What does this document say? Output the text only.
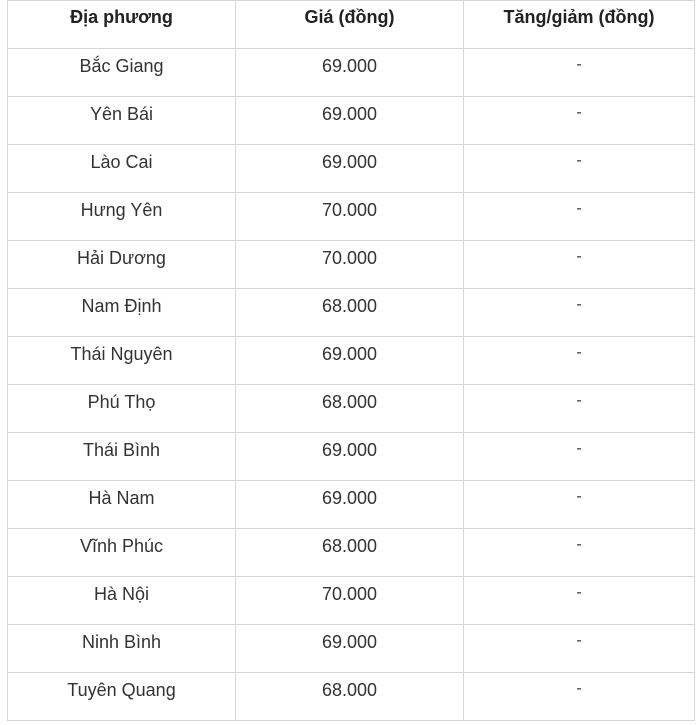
Địa phương	Giá (đồng)	Tăng/giảm (đồng)
Bắc Giang	69.000	-
Yên Bái	69.000	-
Lào Cai	69.000	-
Hưng Yên	70.000	-
Hải Dương	70.000	-
Nam Định	68.000	-
Thái Nguyên	69.000	-
Phú Thọ	68.000	-
Thái Bình	69.000	-
Hà Nam	69.000	-
Vĩnh Phúc	68.000	-
Hà Nội	70.000	-
Ninh Bình	69.000	-
Tuyên Quang	68.000	-
